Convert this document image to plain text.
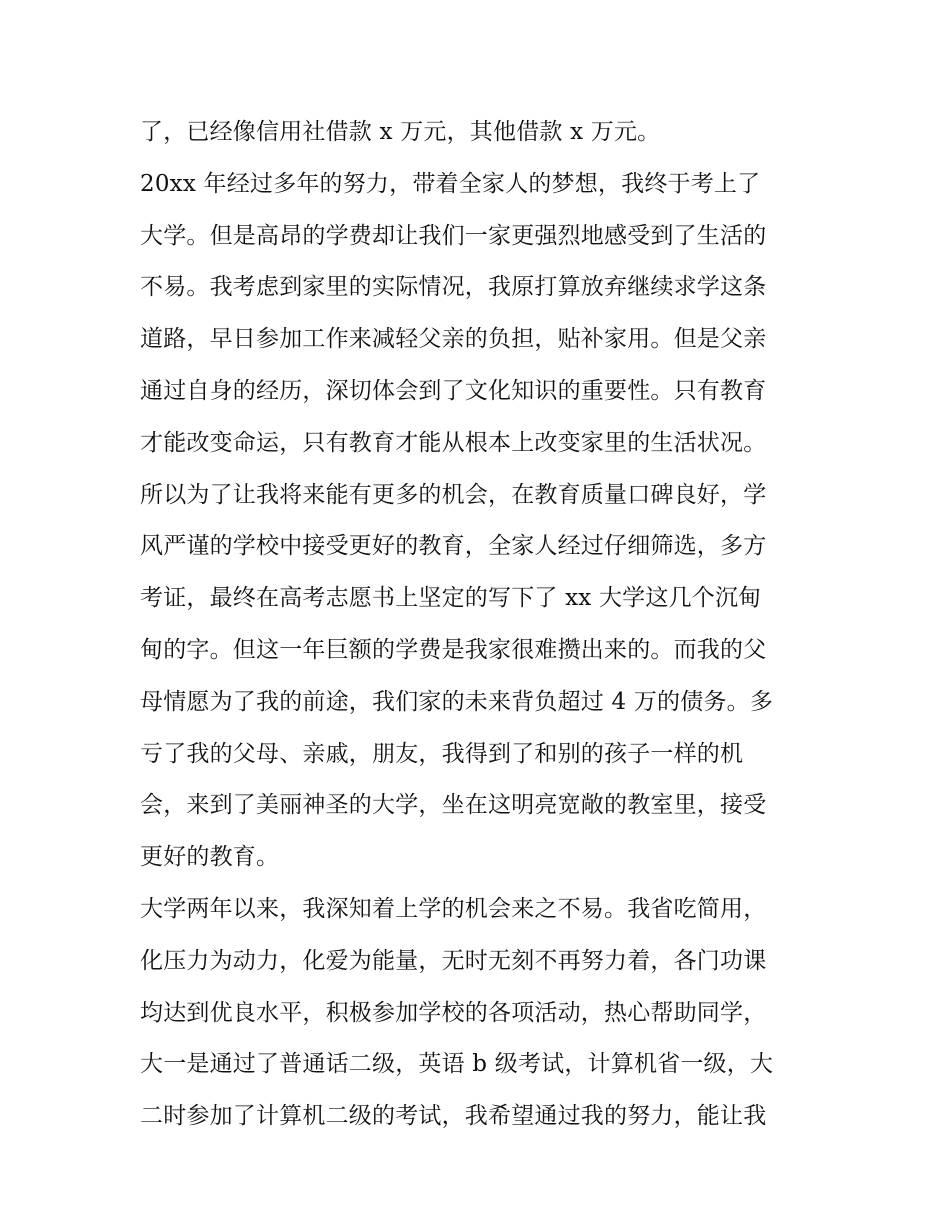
了，已经像信用社借款 x 万元，其他借款 x 万元。
20xx 年经过多年的努力，带着全家人的梦想，我终于考上了
大学。但是高昂的学费却让我们一家更强烈地感受到了生活的
不易。我考虑到家里的实际情况，我原打算放弃继续求学这条
道路，早日参加工作来减轻父亲的负担，贴补家用。但是父亲
通过自身的经历，深切体会到了文化知识的重要性。只有教育
才能改变命运，只有教育才能从根本上改变家里的生活状况。
所以为了让我将来能有更多的机会，在教育质量口碑良好，学
风严谨的学校中接受更好的教育，全家人经过仔细筛选，多方
考证，最终在高考志愿书上坚定的写下了 xx 大学这几个沉甸
甸的字。但这一年巨额的学费是我家很难攒出来的。而我的父
母情愿为了我的前途，我们家的未来背负超过 4 万的债务。多
亏了我的父母、亲戚，朋友，我得到了和别的孩子一样的机
会，来到了美丽神圣的大学，坐在这明亮宽敞的教室里，接受
更好的教育。
大学两年以来，我深知着上学的机会来之不易。我省吃简用，
化压力为动力，化爱为能量，无时无刻不再努力着，各门功课
均达到优良水平，积极参加学校的各项活动，热心帮助同学，
大一是通过了普通话二级，英语 b 级考试，计算机省一级，大
二时参加了计算机二级的考试，我希望通过我的努力，能让我
